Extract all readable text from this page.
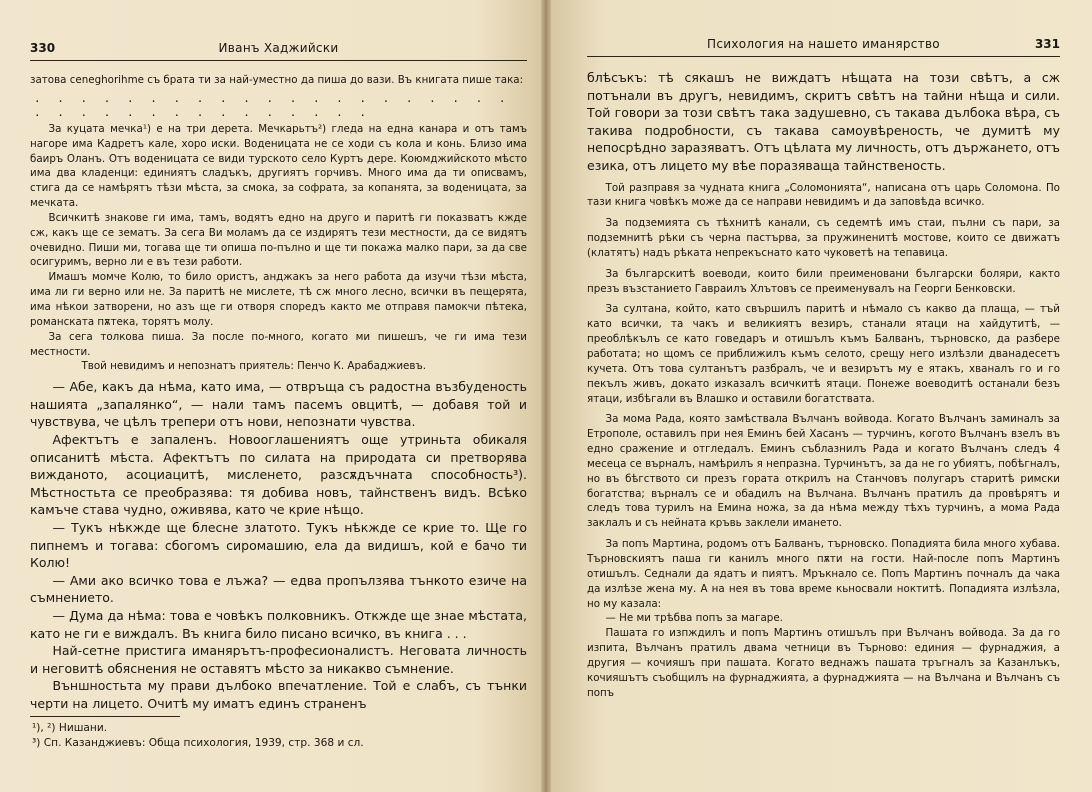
330	Иванъ Хаджийски

затова сеneghorihme съ брата ти за най-уместно да пиша до вази. Въ книгата пише така:

. . . . . . . . . . . . . . . . . . . . . . . . . . . . . . . . . . . .

За куцата мечка¹) е на три дерета. Мечкарьтъ²) гледа на една канара и отъ тамъ нагоре има Кадретъ кале, хоро иски. Воденицата не се ходи съ кола и конь. Близо има баиръ Оланъ. Отъ воденицата се види турското село Куртъ дере. Коюмджийското мѣсто има два кладенци: единиятъ сладъкъ, другиятъ горчивъ. Много има да ти описвамъ, стига да се намѣрятъ тѣзи мѣста, за смока, за софрата, за копанята, за воденицата, за мечката.

Всичкитѣ знакове ги има, тамъ, водятъ едно на друго и паритѣ ги показватъ кжде сж, какъ ще се зематъ. За сега Ви моламъ да се издирятъ тези местности, да се видятъ очевидно. Пиши ми, тогава ще ти опиша по-пълно и ще ти покажа малко пари, за да све осигуримъ, верно ли е въ тези работи.

Имашъ момче Колю, то било ористъ, анджакъ за него работа да изучи тѣзи мѣста, има ли ги верно или не. За паритѣ не мислете, тѣ сж много лесно, всички въ пещерята, има нѣкои затворени, но азъ ще ги отворя споредъ както ме отправя памокчи пѣтека, романската пѫтека, торятъ молу.

За сега толкова пиша. За после по-много, когато ми пишешъ, че ги има тези местности.

Твой невидимъ и непознатъ приятель: Пенчо К. Арабаджиевъ.

— Абе, какъ да нѣма, като има, — отвръща съ радостна възбуденость нашията „запалянко“, — нали тамъ пасемъ овцитѣ, — добавя той и чувствува, че цѣлъ трепери отъ нови, непознати чувства.

Афектътъ е запаленъ. Новооглашениятъ още утриньта обикаля описанитѣ мѣста. Афектътъ по силата на природата си претворява вижданото, асоциацитѣ, мисленето, разсѫдъчната способность³). Мѣстностьта се преобразява: тя добива новъ, тайнственъ видъ. Всѣко камъче става чудно, оживява, като че крие нѣщо.

— Тукъ нѣкжде ще блесне златото. Тукъ нѣкжде се крие то. Ще го пипнемъ и тогава: сбогомъ сиромашию, ела да видишъ, кой е бачо ти Колю!

— Ами ако всичко това е лъжа? — едва пропълзява тънкото езиче на съмнението.

— Дума да нѣма: това е човѣкъ полковникъ. Откжде ще знае мѣстата, като не ги е виждалъ. Въ книга било писано всичко, въ книга . . .

Най-сетне пристига иманярътъ-професионалистъ. Неговата личность и неговитѣ обяснения не оставятъ мѣсто за никакво съмнение.

Външностьта му прави дълбоко впечатление. Той е слабъ, съ тънки черти на лицето. Очитѣ му иматъ единъ страненъ

¹), ²) Нишани.

³) Сп. Казанджиевъ: Обща психология, 1939, стр. 368 и сл.

Психология на нашето иманярство	331

блѣсъкъ: тѣ сякашъ не виждатъ нѣщата на този свѣтъ, а сж потънали въ другъ, невидимъ, скритъ свѣтъ на тайни нѣща и сили. Той говори за този свѣтъ така задушевно, съ такава дълбока вѣра, съ такива подробности, съ такава самоувѣреность, че думитѣ му непосрѣдно заразяватъ. Отъ цѣлата му личность, отъ държането, отъ езика, отъ лицето му вѣе поразяваща тайнственость.

Той разправя за чудната книга „Соломонията“, написана отъ царь Соломона. По тази книга човѣкъ може да се направи невидимъ и да заповѣда всичко.

За подземията съ тѣхнитѣ канали, съ седемтѣ имъ стаи, пълни съ пари, за подземнитѣ рѣки съ черна пастърва, за пружиненитѣ мостове, които се движатъ (клатятъ) надъ рѣката непрекъснато като чуковетѣ на тепавица.

За българскитѣ воеводи, които били преименовани български боляри, както презъ възстанието Гавраилъ Хлътовъ се преименувалъ на Георги Бенковски.

За султана, който, като свършилъ паритѣ и нѣмало съ какво да плаща, — тъй като всички, та чакъ и великиятъ везиръ, станали ятаци на хайдутитѣ, — преоблѣкълъ се като говедаръ и отишълъ къмъ Балванъ, търновско, да разбере работата; но щомъ се приближилъ къмъ селото, срещу него излѣзли дванадесетъ кучета. Отъ това султанътъ разбралъ, че и везирътъ му е ятакъ, хваналъ го и го пекълъ живъ, докато изказалъ всичкитѣ ятаци. Понеже воеводитѣ останали безъ ятаци, избѣгали въ Влашко и оставили богатствата.

За мома Рада, която замѣствала Вълчанъ войвода. Когато Вълчанъ заминалъ за Етрополе, оставилъ при нея Еминъ бей Хасанъ — турчинъ, когото Вълчанъ взелъ въ едно сражение и отгледалъ. Еминъ съблазнилъ Рада и когато Вълчанъ следъ 4 месеца се върналъ, намѣрилъ я непразна. Турчинътъ, за да не го убиятъ, побѣгналъ, но въ бѣгството си презъ гората открилъ на Станчовъ полугаръ старитѣ римски богатства; върналъ се и обадилъ на Вълчана. Вълчанъ пратилъ да провѣрятъ и следъ това турилъ на Емина ножа, за да нѣма между тѣхъ турчинъ, а мома Рада заклалъ и съ нейната кръвь заклели имането.

За попъ Мартина, родомъ отъ Балванъ, търновско. Попадията била много хубава. Търновскиятъ паша ги канилъ много пѫти на гости. Най-после попъ Мартинъ отишълъ. Седнали да ядатъ и пиятъ. Мръкнало се. Попъ Мартинъ почналъ да чака да излѣзе жена му. А на нея въ това време кьносвали ноктитѣ. Попадията излѣзла, но му казала:

— Не ми трѣбва попъ за магаре.

Пашата го изпждилъ и попъ Мартинъ отишълъ при Вълчанъ войвода. За да го изпита, Вълчанъ пратилъ двама четници въ Търново: единия — фурнаджия, а другия — кочияшъ при пашата. Когато веднажъ пашата тръгналъ за Казанлъкъ, кочияшътъ съобщилъ на фурнаджията, а фурнаджията — на Вълчана и Вълчанъ съ попъ
